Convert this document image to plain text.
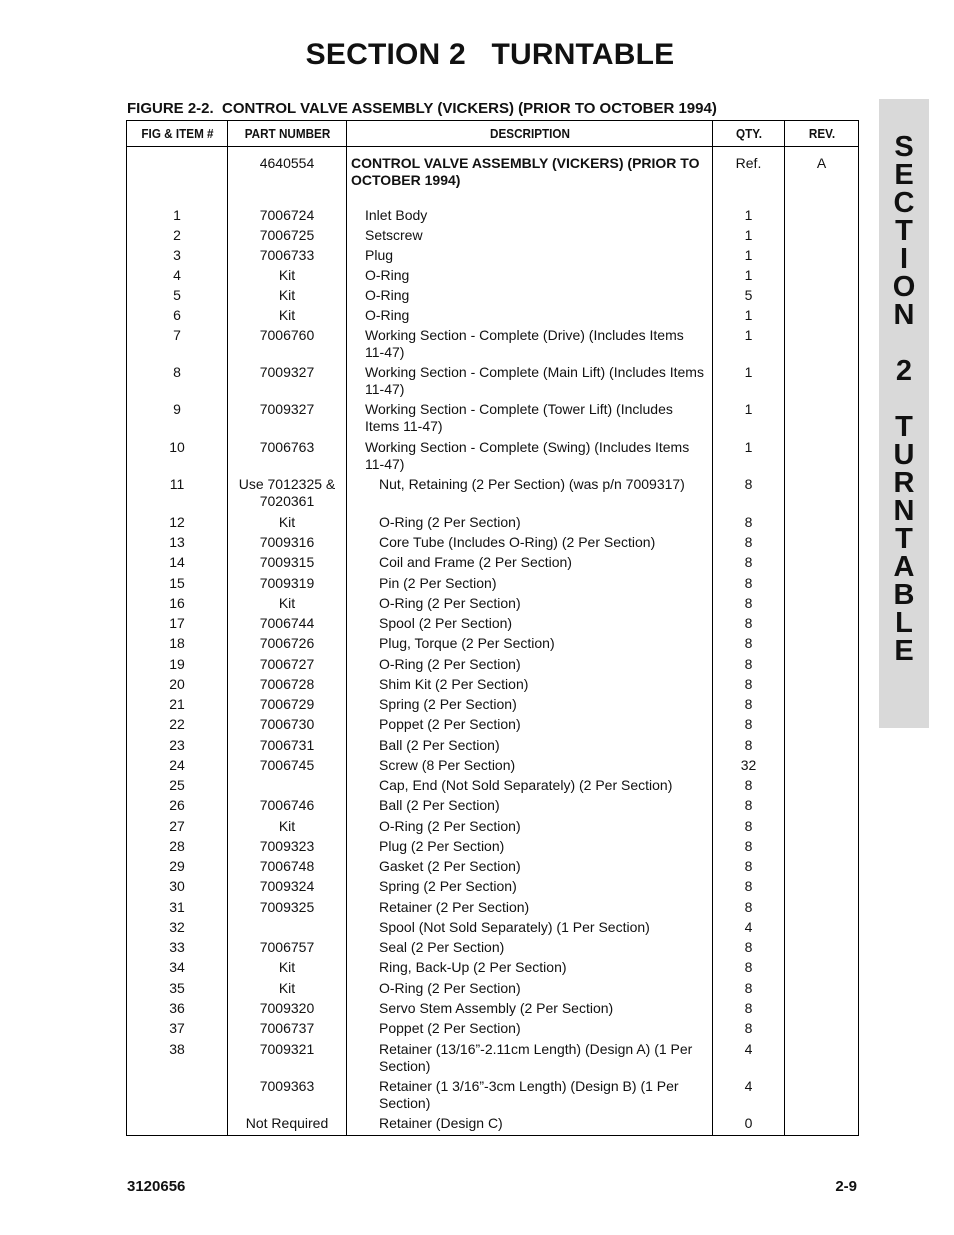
SECTION 2   TURNTABLE
S
E
C
T
I
O
N
2
T
U
R
N
T
A
B
L
E
FIGURE 2-2.  CONTROL VALVE ASSEMBLY (VICKERS) (PRIOR TO OCTOBER 1994)
FIG & ITEM #	PART NUMBER	DESCRIPTION	QTY.	REV.
	4640554	CONTROL VALVE ASSEMBLY (VICKERS) (PRIOR TO OCTOBER 1994)	Ref.	A
1	7006724	Inlet Body	1	
2	7006725	Setscrew	1	
3	7006733	Plug	1	
4	Kit	O-Ring	1	
5	Kit	O-Ring	5	
6	Kit	O-Ring	1	
7	7006760	Working Section - Complete (Drive) (Includes Items 11-47)	1	
8	7009327	Working Section - Complete (Main Lift) (Includes Items 11-47)	1	
9	7009327	Working Section - Complete (Tower Lift) (Includes Items 11-47)	1	
10	7006763	Working Section - Complete (Swing) (Includes Items 11-47)	1	
11	Use 7012325 & 7020361	Nut, Retaining (2 Per Section) (was p/n 7009317)	8	
12	Kit	O-Ring (2 Per Section)	8	
13	7009316	Core Tube (Includes O-Ring) (2 Per Section)	8	
14	7009315	Coil and Frame (2 Per Section)	8	
15	7009319	Pin (2 Per Section)	8	
16	Kit	O-Ring (2 Per Section)	8	
17	7006744	Spool (2 Per Section)	8	
18	7006726	Plug, Torque (2 Per Section)	8	
19	7006727	O-Ring (2 Per Section)	8	
20	7006728	Shim Kit (2 Per Section)	8	
21	7006729	Spring (2 Per Section)	8	
22	7006730	Poppet (2 Per Section)	8	
23	7006731	Ball (2 Per Section)	8	
24	7006745	Screw (8 Per Section)	32	
25		Cap, End (Not Sold Separately) (2 Per Section)	8	
26	7006746	Ball (2 Per Section)	8	
27	Kit	O-Ring (2 Per Section)	8	
28	7009323	Plug (2 Per Section)	8	
29	7006748	Gasket (2 Per Section)	8	
30	7009324	Spring (2 Per Section)	8	
31	7009325	Retainer (2 Per Section)	8	
32		Spool (Not Sold Separately) (1 Per Section)	4	
33	7006757	Seal (2 Per Section)	8	
34	Kit	Ring, Back-Up (2 Per Section)	8	
35	Kit	O-Ring (2 Per Section)	8	
36	7009320	Servo Stem Assembly (2 Per Section)	8	
37	7006737	Poppet (2 Per Section)	8	
38	7009321	Retainer (13/16”-2.11cm Length) (Design A) (1 Per Section)	4	
	7009363	Retainer (1 3/16”-3cm Length) (Design B) (1 Per Section)	4	
	Not Required	Retainer (Design C)	0	
3120656	2-9
